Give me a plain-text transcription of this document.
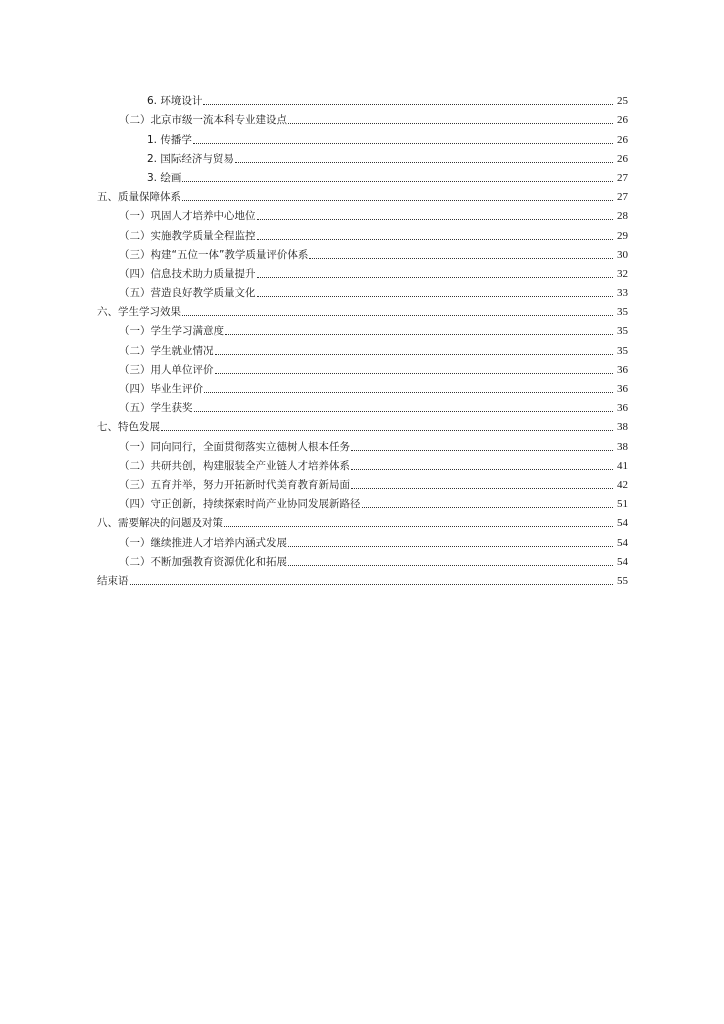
6. 环境设计	25
（二）北京市级一流本科专业建设点	26
1. 传播学	26
2. 国际经济与贸易	26
3. 绘画	27
五、质量保障体系	27
（一）巩固人才培养中心地位	28
（二）实施教学质量全程监控	29
（三）构建“五位一体”教学质量评价体系	30
（四）信息技术助力质量提升	32
（五）营造良好教学质量文化	33
六、学生学习效果	35
（一）学生学习满意度	35
（二）学生就业情况	35
（三）用人单位评价	36
（四）毕业生评价	36
（五）学生获奖	36
七、特色发展	38
（一）同向同行，全面贯彻落实立德树人根本任务	38
（二）共研共创，构建服装全产业链人才培养体系	41
（三）五育并举，努力开拓新时代美育教育新局面	42
（四）守正创新，持续探索时尚产业协同发展新路径	51
八、需要解决的问题及对策	54
（一）继续推进人才培养内涵式发展	54
（二）不断加强教育资源优化和拓展	54
结束语	55
